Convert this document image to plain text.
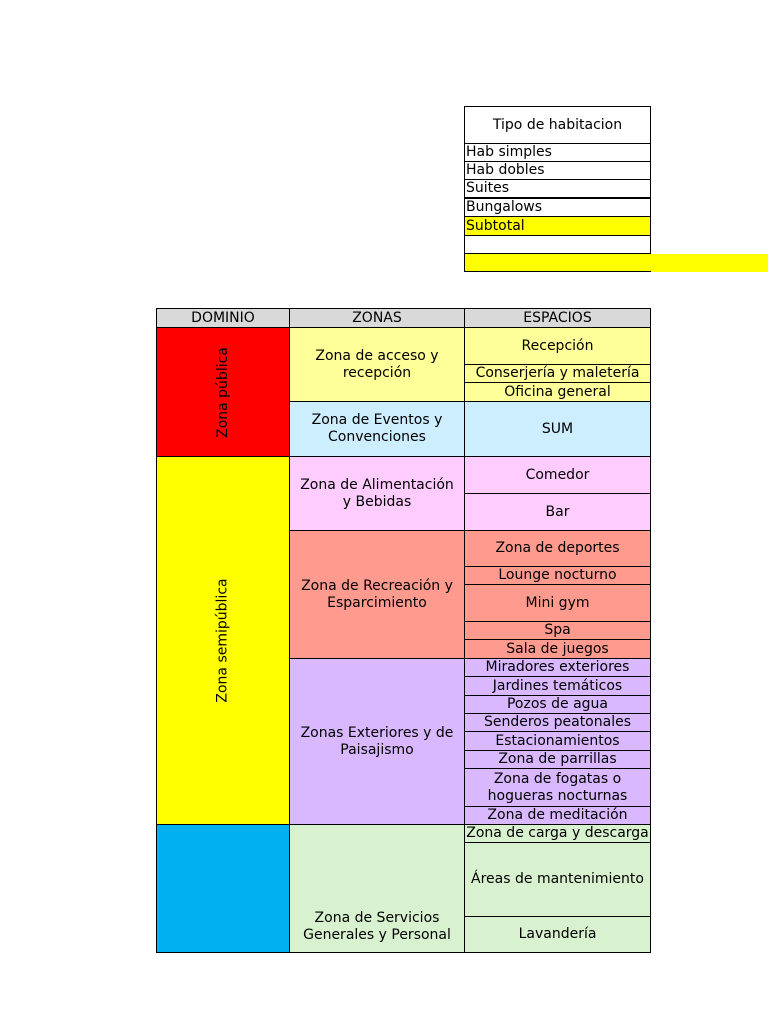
Tipo de habitacion
Hab simples
Hab dobles
Suites
Bungalows
Subtotal
DOMINIO	ZONAS	ESPACIOS
Zona pública
Zona semipública
Zona de acceso y recepción
Zona de Eventos y Convenciones
Zona de Alimentación y Bebidas
Zona de Recreación y Esparcimiento
Zonas Exteriores y de Paisajismo
Zona de Servicios Generales y Personal
Recepción
Conserjería y maletería
Oficina general
SUM
Comedor
Bar
Zona de deportes
Lounge nocturno
Mini gym
Spa
Sala de juegos
Miradores exteriores
Jardines temáticos
Pozos de agua
Senderos peatonales
Estacionamientos
Zona de parrillas
Zona de fogatas o hogueras nocturnas
Zona de meditación
Zona de carga y descarga
Áreas de mantenimiento
Lavandería
